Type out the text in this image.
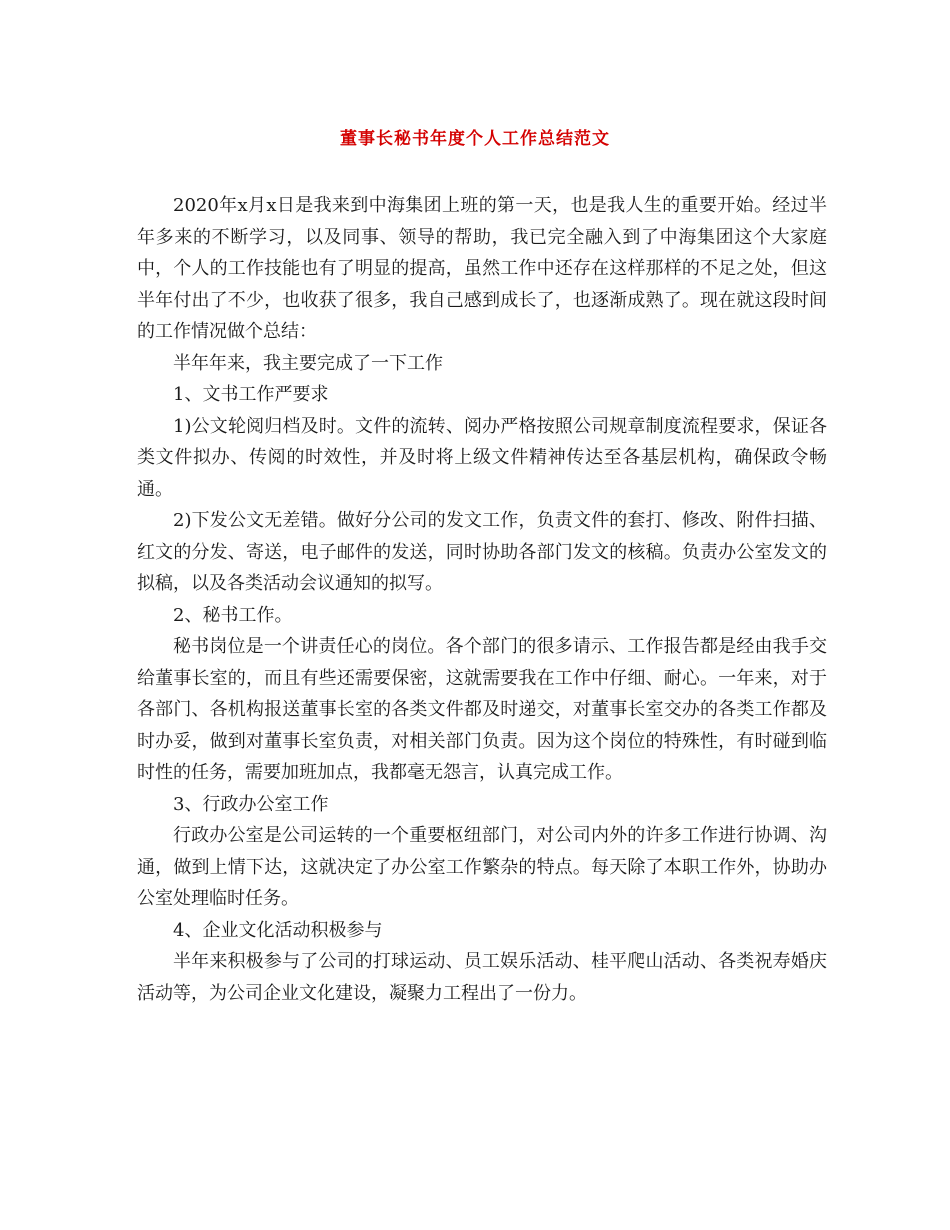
董事长秘书年度个人工作总结范文

2020年x月x日是我来到中海集团上班的第一天，也是我人生的重要开始。经过半年多来的不断学习，以及同事、领导的帮助，我已完全融入到了中海集团这个大家庭中，个人的工作技能也有了明显的提高，虽然工作中还存在这样那样的不足之处，但这半年付出了不少，也收获了很多，我自己感到成长了，也逐渐成熟了。现在就这段时间的工作情况做个总结：

半年年来，我主要完成了一下工作

1、文书工作严要求

1)公文轮阅归档及时。文件的流转、阅办严格按照公司规章制度流程要求，保证各类文件拟办、传阅的时效性，并及时将上级文件精神传达至各基层机构，确保政令畅通。

2)下发公文无差错。做好分公司的发文工作，负责文件的套打、修改、附件扫描、红文的分发、寄送，电子邮件的发送，同时协助各部门发文的核稿。负责办公室发文的拟稿，以及各类活动会议通知的拟写。

2、秘书工作。

秘书岗位是一个讲责任心的岗位。各个部门的很多请示、工作报告都是经由我手交给董事长室的，而且有些还需要保密，这就需要我在工作中仔细、耐心。一年来，对于各部门、各机构报送董事长室的各类文件都及时递交，对董事长室交办的各类工作都及时办妥，做到对董事长室负责，对相关部门负责。因为这个岗位的特殊性，有时碰到临时性的任务，需要加班加点，我都毫无怨言，认真完成工作。

3、行政办公室工作

行政办公室是公司运转的一个重要枢纽部门，对公司内外的许多工作进行协调、沟通，做到上情下达，这就决定了办公室工作繁杂的特点。每天除了本职工作外，协助办公室处理临时任务。

4、企业文化活动积极参与

半年来积极参与了公司的打球运动、员工娱乐活动、桂平爬山活动、各类祝寿婚庆活动等，为公司企业文化建设，凝聚力工程出了一份力。
